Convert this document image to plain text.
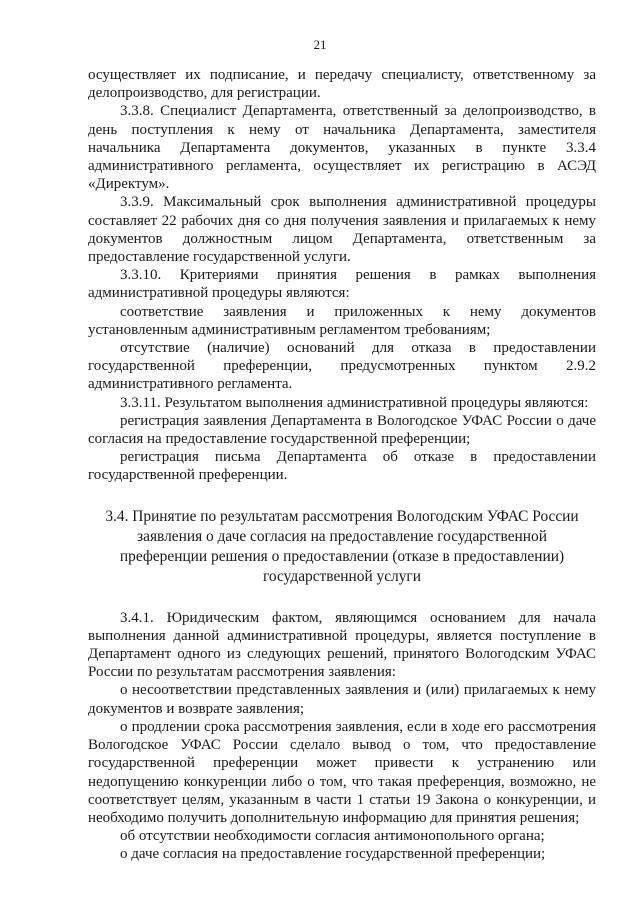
21

осуществляет их подписание, и передачу специалисту, ответственному за делопроизводство, для регистрации.

3.3.8. Специалист Департамента, ответственный за делопроизводство, в день поступления к нему от начальника Департамента, заместителя начальника Департамента документов, указанных в пункте 3.3.4 административного регламента, осуществляет их регистрацию в АСЭД «Директум».

3.3.9. Максимальный срок выполнения административной процедуры составляет 22 рабочих дня со дня получения заявления и прилагаемых к нему документов должностным лицом Департамента, ответственным за предоставление государственной услуги.

3.3.10. Критериями принятия решения в рамках выполнения административной процедуры являются:

соответствие заявления и приложенных к нему документов установленным административным регламентом требованиям;

отсутствие (наличие) оснований для отказа в предоставлении государственной преференции, предусмотренных пунктом 2.9.2 административного регламента.

3.3.11. Результатом выполнения административной процедуры являются:

регистрация заявления Департамента в Вологодское УФАС России о даче согласия на предоставление государственной преференции;

регистрация письма Департамента об отказе в предоставлении государственной преференции.

3.4. Принятие по результатам рассмотрения Вологодским УФАС России заявления о даче согласия на предоставление государственной преференции решения о предоставлении (отказе в предоставлении) государственной услуги

3.4.1. Юридическим фактом, являющимся основанием для начала выполнения данной административной процедуры, является поступление в Департамент одного из следующих решений, принятого Вологодским УФАС России по результатам рассмотрения заявления:

о несоответствии представленных заявления и (или) прилагаемых к нему документов и возврате заявления;

о продлении срока рассмотрения заявления, если в ходе его рассмотрения Вологодское УФАС России сделало вывод о том, что предоставление государственной преференции может привести к устранению или недопущению конкуренции либо о том, что такая преференция, возможно, не соответствует целям, указанным в части 1 статьи 19 Закона о конкуренции, и необходимо получить дополнительную информацию для принятия решения;

об отсутствии необходимости согласия антимонопольного органа;

о даче согласия на предоставление государственной преференции;
